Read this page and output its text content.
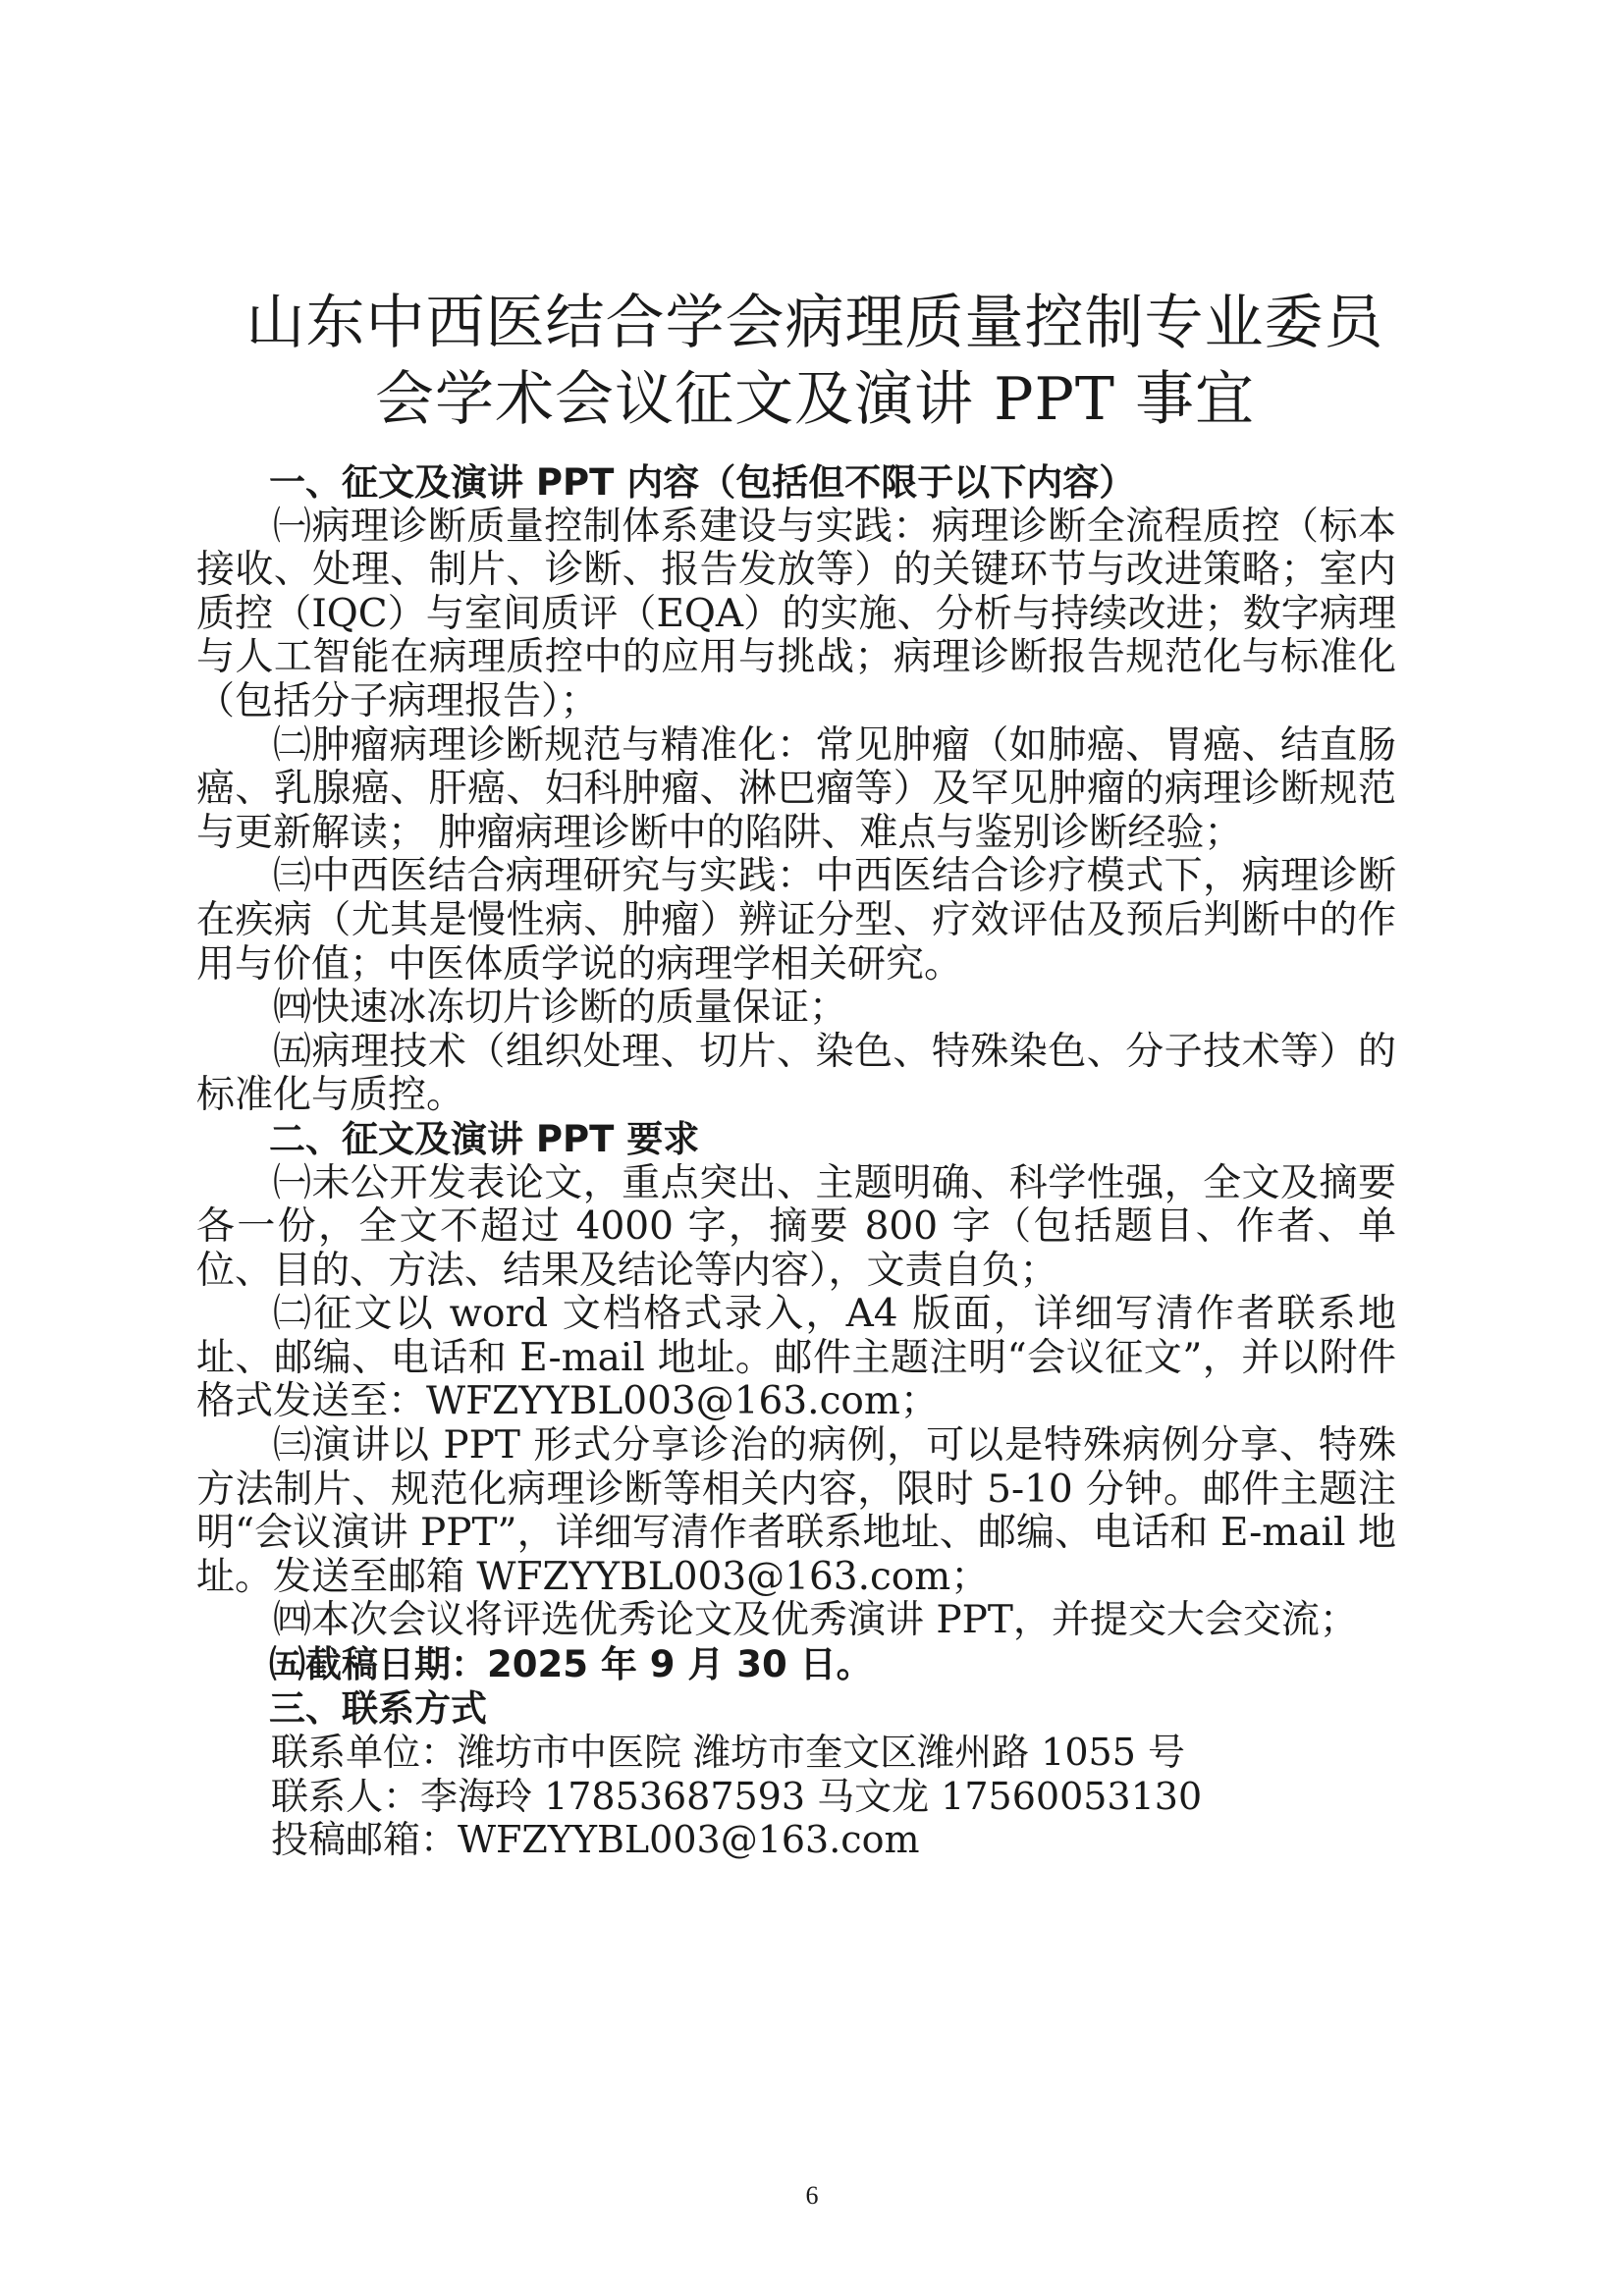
山东中西医结合学会病理质量控制专业委员
会学术会议征文及演讲 PPT 事宜

一、征文及演讲 PPT 内容（包括但不限于以下内容）

㈠病理诊断质量控制体系建设与实践：病理诊断全流程质控（标本接收、处理、制片、诊断、报告发放等）的关键环节与改进策略；室内质控（IQC）与室间质评（EQA）的实施、分析与持续改进；数字病理与人工智能在病理质控中的应用与挑战；病理诊断报告规范化与标准化（包括分子病理报告）；

㈡肿瘤病理诊断规范与精准化：常见肿瘤（如肺癌、胃癌、结直肠癌、乳腺癌、肝癌、妇科肿瘤、淋巴瘤等）及罕见肿瘤的病理诊断规范与更新解读； 肿瘤病理诊断中的陷阱、难点与鉴别诊断经验；

㈢中西医结合病理研究与实践：中西医结合诊疗模式下，病理诊断在疾病（尤其是慢性病、肿瘤）辨证分型、疗效评估及预后判断中的作用与价值；中医体质学说的病理学相关研究。

㈣快速冰冻切片诊断的质量保证；

㈤病理技术（组织处理、切片、染色、特殊染色、分子技术等）的标准化与质控。

二、征文及演讲 PPT 要求

㈠未公开发表论文，重点突出、主题明确、科学性强，全文及摘要各一份，全文不超过 4000 字，摘要 800 字（包括题目、作者、单位、目的、方法、结果及结论等内容），文责自负；

㈡征文以 word 文档格式录入，A4 版面，详细写清作者联系地址、邮编、电话和 E-mail 地址。邮件主题注明“会议征文”，并以附件格式发送至：WFZYYBL003@163.com；

㈢演讲以 PPT 形式分享诊治的病例，可以是特殊病例分享、特殊方法制片、规范化病理诊断等相关内容，限时 5-10 分钟。邮件主题注明“会议演讲 PPT”，详细写清作者联系地址、邮编、电话和 E-mail 地址。发送至邮箱 WFZYYBL003@163.com；

㈣本次会议将评选优秀论文及优秀演讲 PPT，并提交大会交流；

㈤截稿日期：2025 年 9 月 30 日。

三、联系方式

联系单位：潍坊市中医院 潍坊市奎文区潍州路 1055 号

联系人：李海玲 17853687593 马文龙 17560053130

投稿邮箱：WFZYYBL003@163.com

6
